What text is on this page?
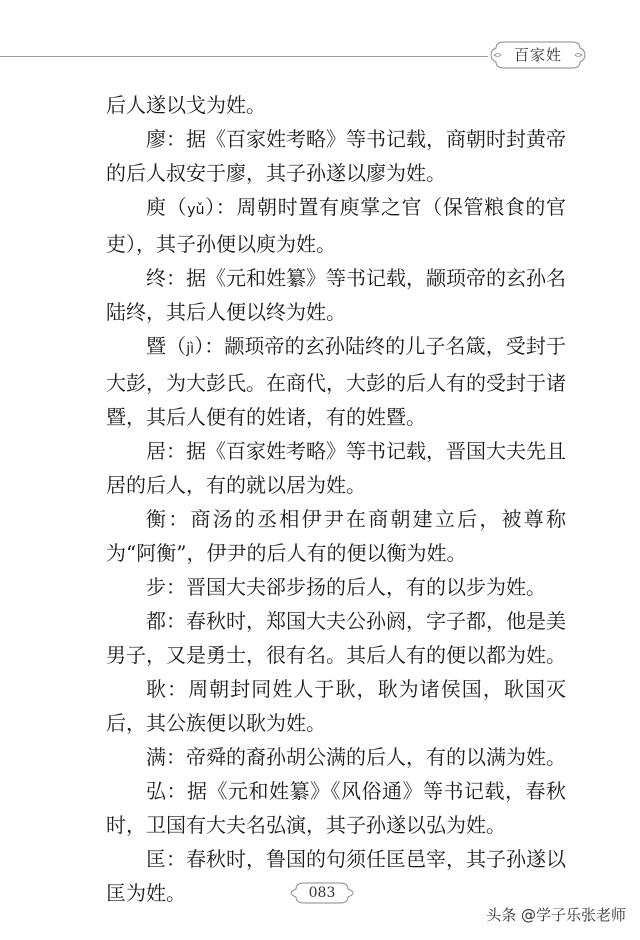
百家姓

后人遂以戈为姓。

廖：据《百家姓考略》等书记载，商朝时封黄帝的后人叔安于廖，其子孙遂以廖为姓。

庾（yǔ）：周朝时置有庾掌之官（保管粮食的官吏），其子孙便以庾为姓。

终：据《元和姓纂》等书记载，颛顼帝的玄孙名陆终，其后人便以终为姓。

暨（jì）：颛顼帝的玄孙陆终的儿子名箴，受封于大彭，为大彭氏。在商代，大彭的后人有的受封于诸暨，其后人便有的姓诸，有的姓暨。

居：据《百家姓考略》等书记载，晋国大夫先且居的后人，有的就以居为姓。

衡：商汤的丞相伊尹在商朝建立后，被尊称为“阿衡”，伊尹的后人有的便以衡为姓。

步：晋国大夫郤步扬的后人，有的以步为姓。

都：春秋时，郑国大夫公孙阏，字子都，他是美男子，又是勇士，很有名。其后人有的便以都为姓。

耿：周朝封同姓人于耿，耿为诸侯国，耿国灭后，其公族便以耿为姓。

满：帝舜的裔孙胡公满的后人，有的以满为姓。

弘：据《元和姓纂》《风俗通》等书记载，春秋时，卫国有大夫名弘演，其子孙遂以弘为姓。

匡：春秋时，鲁国的句须任匡邑宰，其子孙遂以匡为姓。	083
头条 @学子乐张老师
